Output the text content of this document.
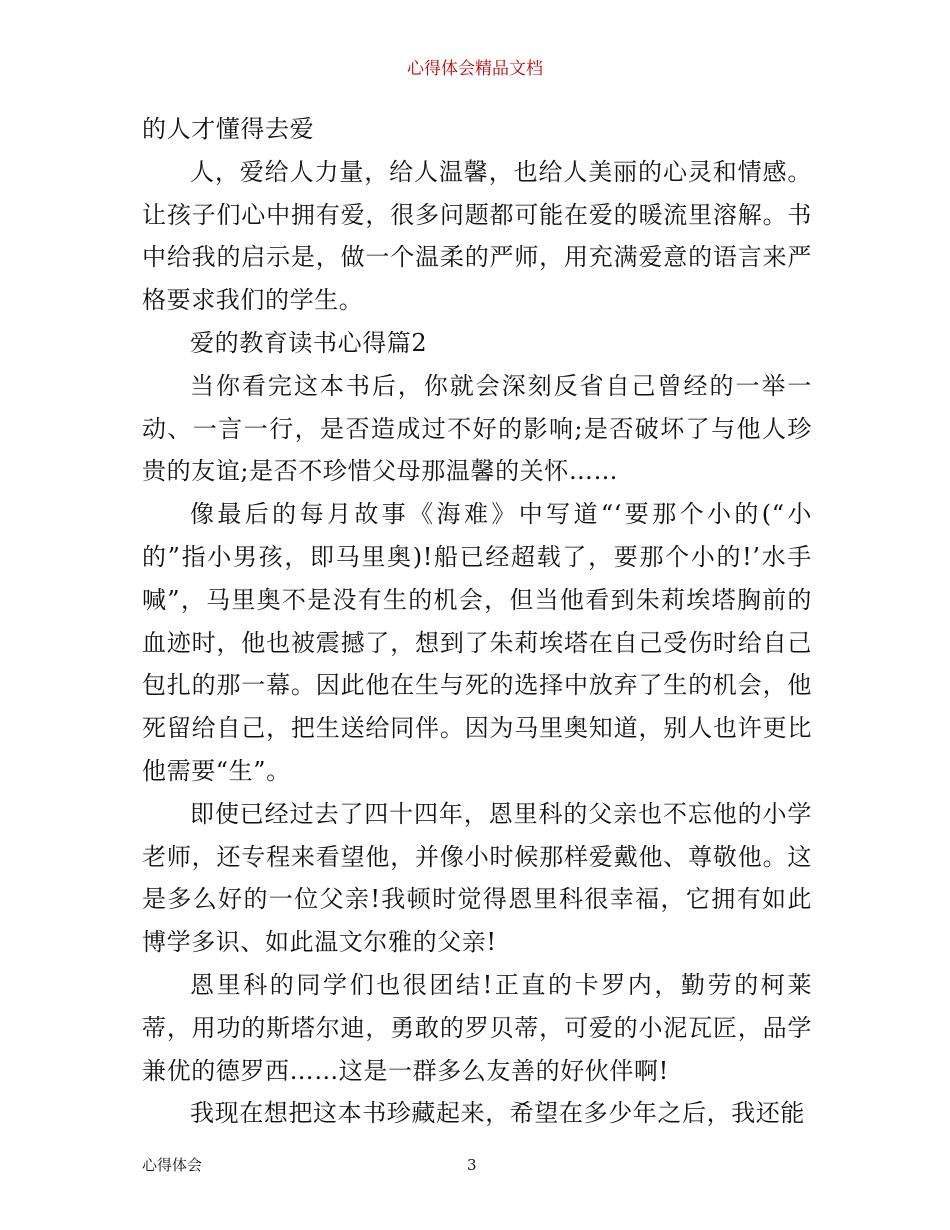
心得体会精品文档

的人才懂得去爱

人，爱给人力量，给人温馨，也给人美丽的心灵和情感。让孩子们心中拥有爱，很多问题都可能在爱的暖流里溶解。书中给我的启示是，做一个温柔的严师，用充满爱意的语言来严格要求我们的学生。

爱的教育读书心得篇2

当你看完这本书后，你就会深刻反省自己曾经的一举一动、一言一行，是否造成过不好的影响;是否破坏了与他人珍贵的友谊;是否不珍惜父母那温馨的关怀……

像最后的每月故事《海难》中写道“‘要那个小的(“小的”指小男孩，即马里奥)!船已经超载了，要那个小的!’水手喊”，马里奥不是没有生的机会，但当他看到朱莉埃塔胸前的血迹时，他也被震撼了，想到了朱莉埃塔在自己受伤时给自己包扎的那一幕。因此他在生与死的选择中放弃了生的机会，他死留给自己，把生送给同伴。因为马里奥知道，别人也许更比他需要“生”。

即使已经过去了四十四年，恩里科的父亲也不忘他的小学老师，还专程来看望他，并像小时候那样爱戴他、尊敬他。这是多么好的一位父亲!我顿时觉得恩里科很幸福，它拥有如此博学多识、如此温文尔雅的父亲!

恩里科的同学们也很团结!正直的卡罗内，勤劳的柯莱蒂，用功的斯塔尔迪，勇敢的罗贝蒂，可爱的小泥瓦匠，品学兼优的德罗西……这是一群多么友善的好伙伴啊!

我现在想把这本书珍藏起来，希望在多少年之后，我还能

心得体会	3
